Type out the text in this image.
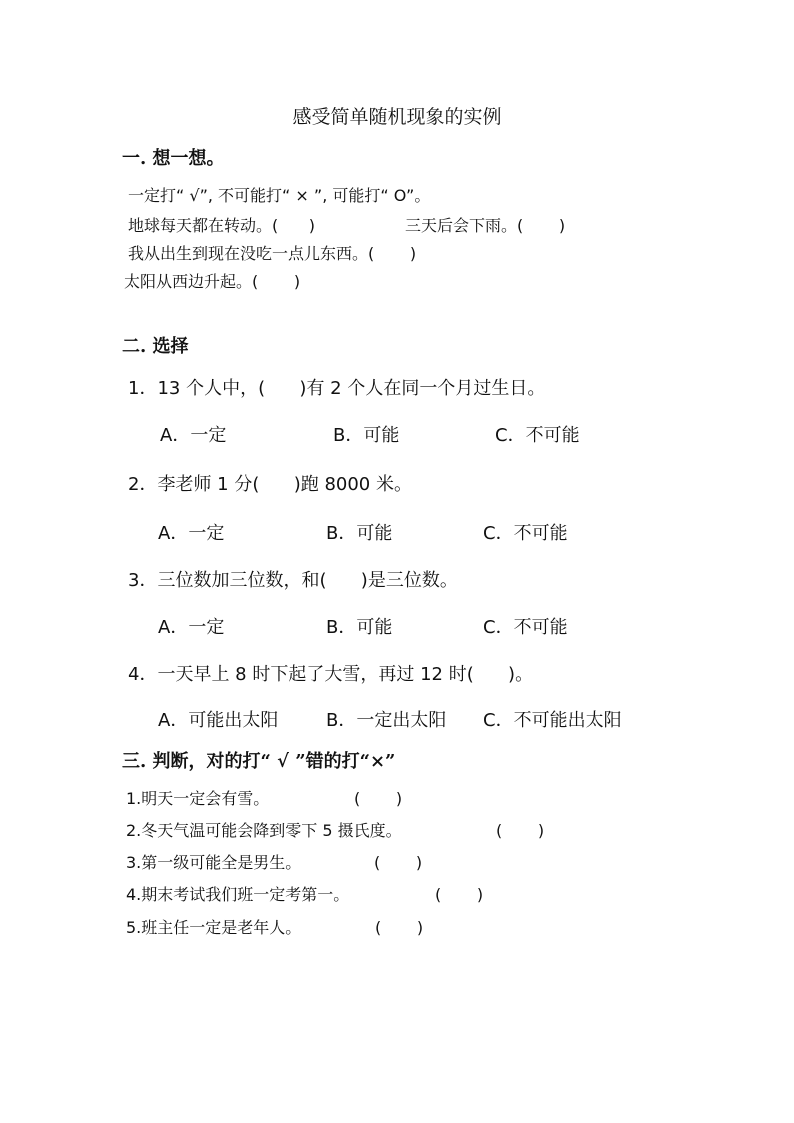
感受简单随机现象的实例
一. 想一想。
一定打“ √”, 不可能打“ × ”, 可能打“ O”。
地球每天都在转动。(      )	三天后会下雨。(       )
我从出生到现在没吃一点儿东西。(       )
太阳从西边升起。(       )
二. 选择
1．13 个人中，(      )有 2 个人在同一个月过生日。
A．一定	B．可能	C．不可能
2．李老师 1 分(      )跑 8000 米。
A．一定	B．可能	C．不可能
3．三位数加三位数，和(      )是三位数。
A．一定	B．可能	C．不可能
4．一天早上 8 时下起了大雪，再过 12 时(      )。
A．可能出太阳	B．一定出太阳 C．不可能出太阳
三. 判断，对的打“ √ ”错的打“×”
1.明天一定会有雪。	(       )
2.冬天气温可能会降到零下 5 摄氏度。	(       )
3.第一级可能全是男生。	(       )
4.期末考试我们班一定考第一。	(       )
5.班主任一定是老年人。	(       )
